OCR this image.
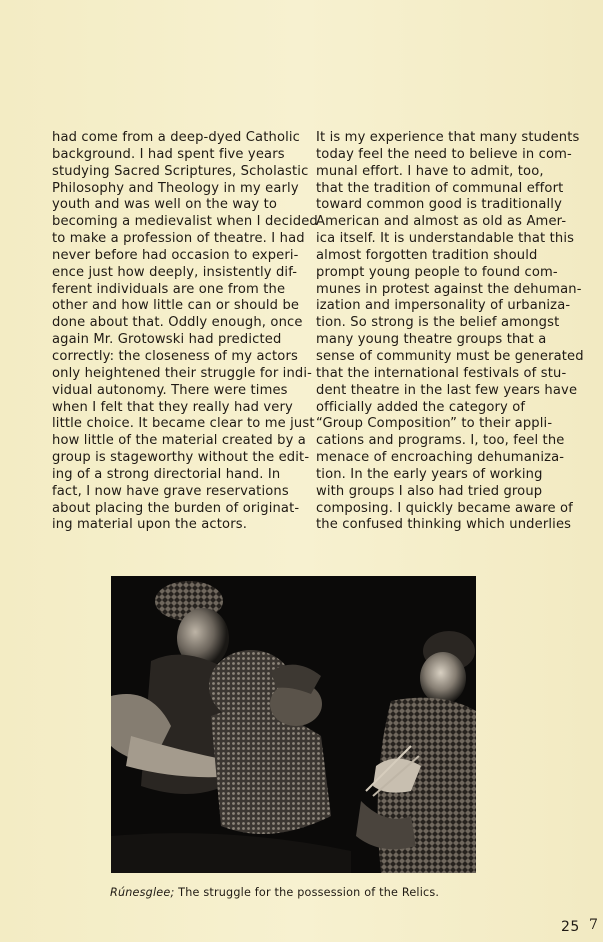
had come from a deep-dyed Catholic
background. I had spent five years
studying Sacred Scriptures, Scholastic
Philosophy and Theology in my early
youth and was well on the way to
becoming a medievalist when I decided
to make a profession of theatre. I had
never before had occasion to experi-
ence just how deeply, insistently dif-
ferent individuals are one from the
other and how little can or should be
done about that. Oddly enough, once
again Mr. Grotowski had predicted
correctly: the closeness of my actors
only heightened their struggle for indi-
vidual autonomy. There were times
when I felt that they really had very
little choice. It became clear to me just
how little of the material created by a
group is stageworthy without the edit-
ing of a strong directorial hand. In
fact, I now have grave reservations
about placing the burden of originat-
ing material upon the actors.
It is my experience that many students
today feel the need to believe in com-
munal effort. I have to admit, too,
that the tradition of communal effort
toward common good is traditionally
American and almost as old as Amer-
ica itself. It is understandable that this
almost forgotten tradition should
prompt young people to found com-
munes in protest against the dehuman-
ization and impersonality of urbaniza-
tion. So strong is the belief amongst
many young theatre groups that a
sense of community must be generated
that the international festivals of stu-
dent theatre in the last few years have
officially added the category of
“Group Composition” to their appli-
cations and programs. I, too, feel the
menace of encroaching dehumaniza-
tion. In the early years of working
with groups I also had tried group
composing. I quickly became aware of
the confused thinking which underlies
Rúnesglee; The struggle for the possession of the Relics.
25 7
